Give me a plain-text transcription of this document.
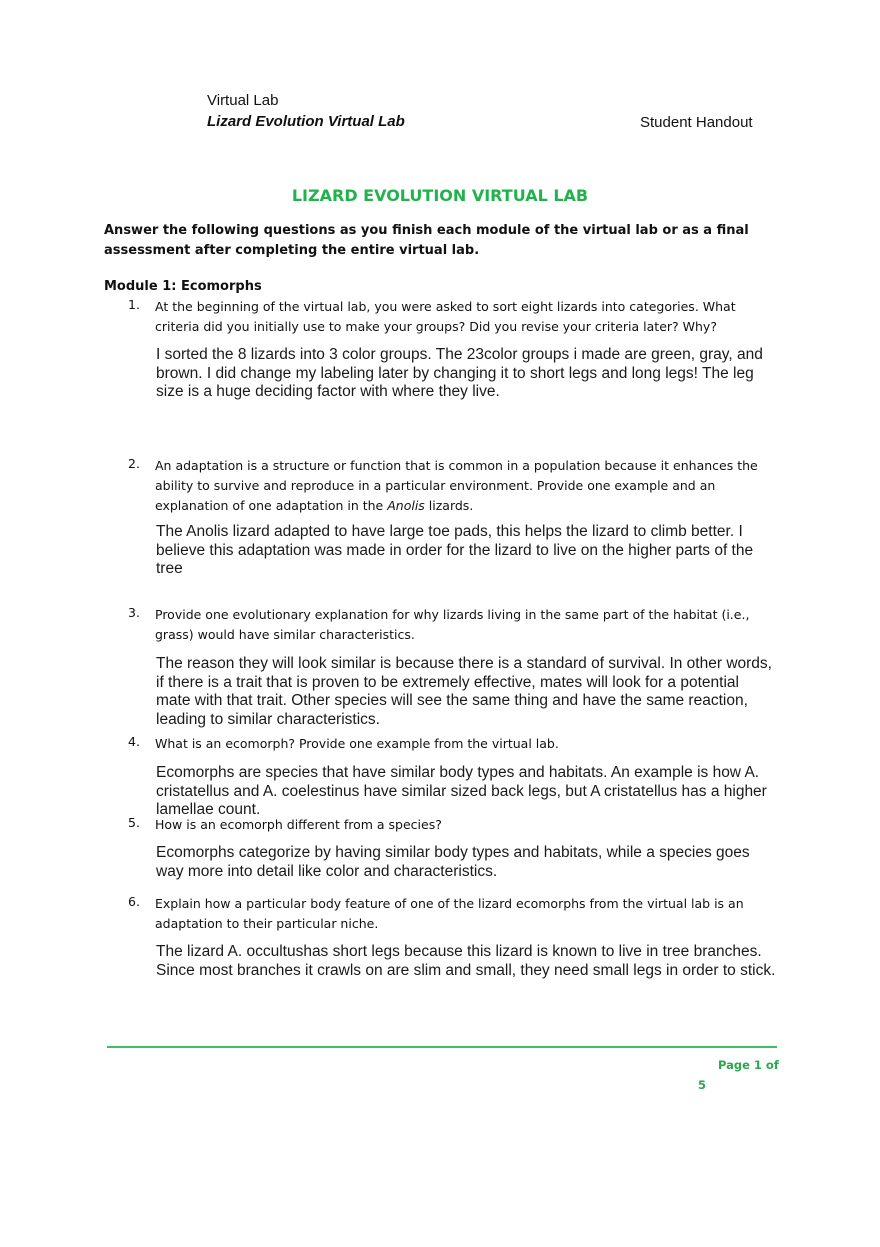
Virtual Lab
Lizard Evolution Virtual Lab	Student Handout
LIZARD EVOLUTION VIRTUAL LAB
Answer the following questions as you finish each module of the virtual lab or as a final assessment after completing the entire virtual lab.
Module 1: Ecomorphs
1. At the beginning of the virtual lab, you were asked to sort eight lizards into categories. What criteria did you initially use to make your groups? Did you revise your criteria later? Why?
I sorted the 8 lizards into 3 color groups. The 23color groups i made are green, gray, and brown. I did change my labeling later by changing it to short legs and long legs! The leg size is a huge deciding factor with where they live.
2. An adaptation is a structure or function that is common in a population because it enhances the ability to survive and reproduce in a particular environment. Provide one example and an explanation of one adaptation in the Anolis lizards.
The Anolis lizard adapted to have large toe pads, this helps the lizard to climb better. I believe this adaptation was made in order for the lizard to live on the higher parts of the tree
3. Provide one evolutionary explanation for why lizards living in the same part of the habitat (i.e., grass) would have similar characteristics.
The reason they will look similar is because there is a standard of survival. In other words, if there is a trait that is proven to be extremely effective, mates will look for a potential mate with that trait. Other species will see the same thing and have the same reaction, leading to similar characteristics.
4. What is an ecomorph? Provide one example from the virtual lab.
Ecomorphs are species that have similar body types and habitats. An example is how A. cristatellus and A. coelestinus have similar sized back legs, but A cristatellus has a higher lamellae count.
5. How is an ecomorph different from a species?
Ecomorphs categorize by having similar body types and habitats, while a species goes way more into detail like color and characteristics.
6. Explain how a particular body feature of one of the lizard ecomorphs from the virtual lab is an adaptation to their particular niche.
The lizard A. occultushas short legs because this lizard is known to live in tree branches. Since most branches it crawls on are slim and small, they need small legs in order to stick.
Page 1 of
5
